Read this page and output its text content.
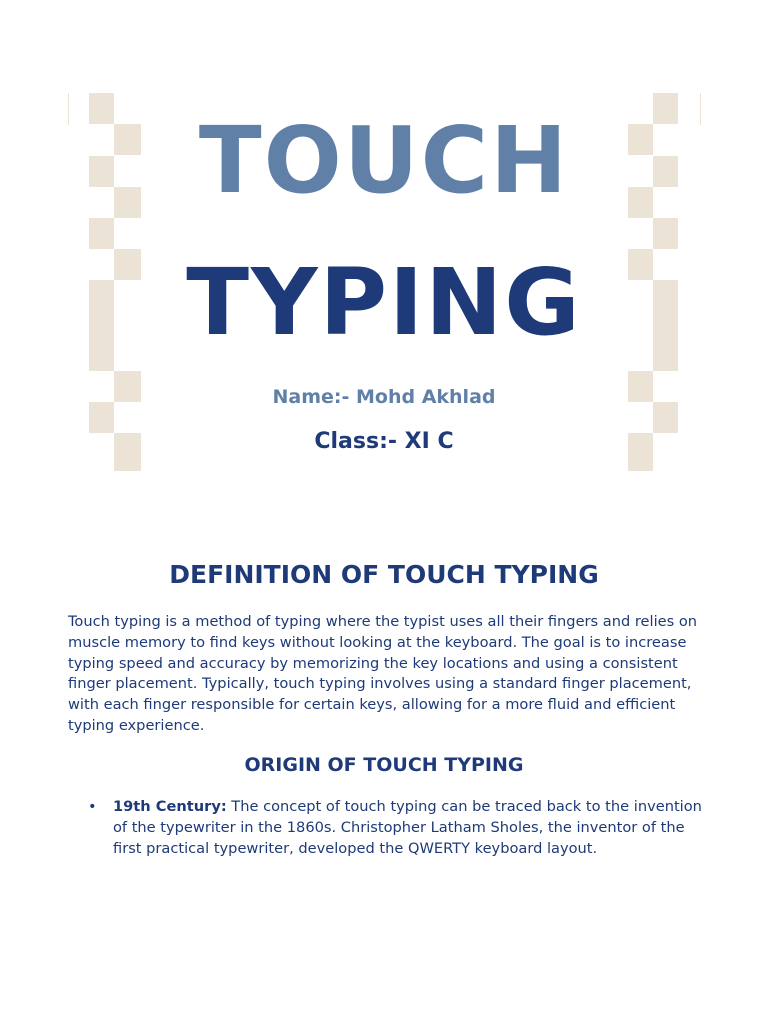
TOUCH
TYPING
Name:- Mohd Akhlad
Class:- XI C
DEFINITION OF TOUCH TYPING

Touch typing is a method of typing where the typist uses all their fingers and relies on muscle memory to find keys without looking at the keyboard. The goal is to increase typing speed and accuracy by memorizing the key locations and using a consistent finger placement. Typically, touch typing involves using a standard finger placement, with each finger responsible for certain keys, allowing for a more fluid and efficient typing experience.

ORIGIN OF TOUCH TYPING
• 19th Century: The concept of touch typing can be traced back to the invention of the typewriter in the 1860s. Christopher Latham Sholes, the inventor of the first practical typewriter, developed the QWERTY keyboard layout.
